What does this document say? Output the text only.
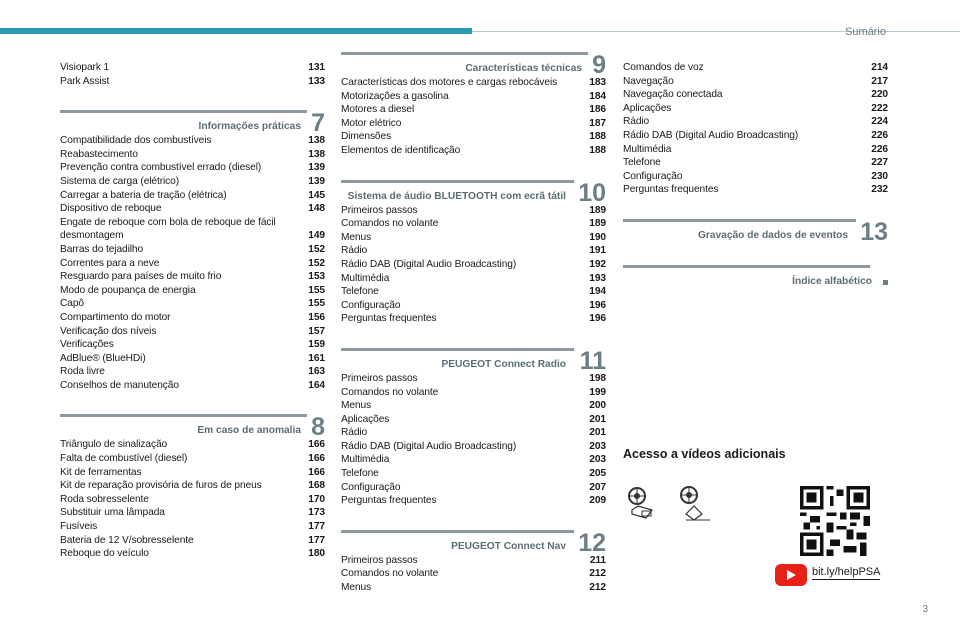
Sumário
Visiopark 1	131
Park Assist	133
Informações práticas 7
Compatibilidade dos combustíveis	138
Reabastecimento	138
Prevenção contra combustível errado (diesel)	139
Sistema de carga (elétrico)	139
Carregar a bateria de tração (elétrica)	145
Dispositivo de reboque	148
Engate de reboque com bola de reboque de fácil desmontagem	149
Barras do tejadilho	152
Correntes para a neve	152
Resguardo para países de muito frio	153
Modo de poupança de energia	155
Capô	155
Compartimento do motor	156
Verificação dos níveis	157
Verificações	159
AdBlue® (BlueHDi)	161
Roda livre	163
Conselhos de manutenção	164
Em caso de anomalia 8
Triângulo de sinalização	166
Falta de combustível (diesel)	166
Kit de ferramentas	166
Kit de reparação provisória de furos de pneus	168
Roda sobresselente	170
Substituir uma lâmpada	173
Fusíveis	177
Bateria de 12 V/sobresselente	177
Reboque do veículo	180
Características técnicas 9
Características dos motores e cargas rebocáveis	183
Motorizações a gasolina	184
Motores a diesel	186
Motor elétrico	187
Dimensões	188
Elementos de identificação	188
Sistema de áudio BLUETOOTH com ecrã tátil 10
Primeiros passos	189
Comandos no volante	189
Menus	190
Rádio	191
Rádio DAB (Digital Audio Broadcasting)	192
Multimédia	193
Telefone	194
Configuração	196
Perguntas frequentes	196
PEUGEOT Connect Radio 11
Primeiros passos	198
Comandos no volante	199
Menus	200
Aplicações	201
Rádio	201
Rádio DAB (Digital Audio Broadcasting)	203
Multimédia	203
Telefone	205
Configuração	207
Perguntas frequentes	209
PEUGEOT Connect Nav 12
Primeiros passos	211
Comandos no volante	212
Menus	212
Comandos de voz	214
Navegação	217
Navegação conectada	220
Aplicações	222
Rádio	224
Rádio DAB (Digital Audio Broadcasting)	226
Multimédia	226
Telefone	227
Configuração	230
Perguntas frequentes	232
Gravação de dados de eventos 13
Índice alfabético
Acesso a vídeos adicionais
bit.ly/helpPSA
3
